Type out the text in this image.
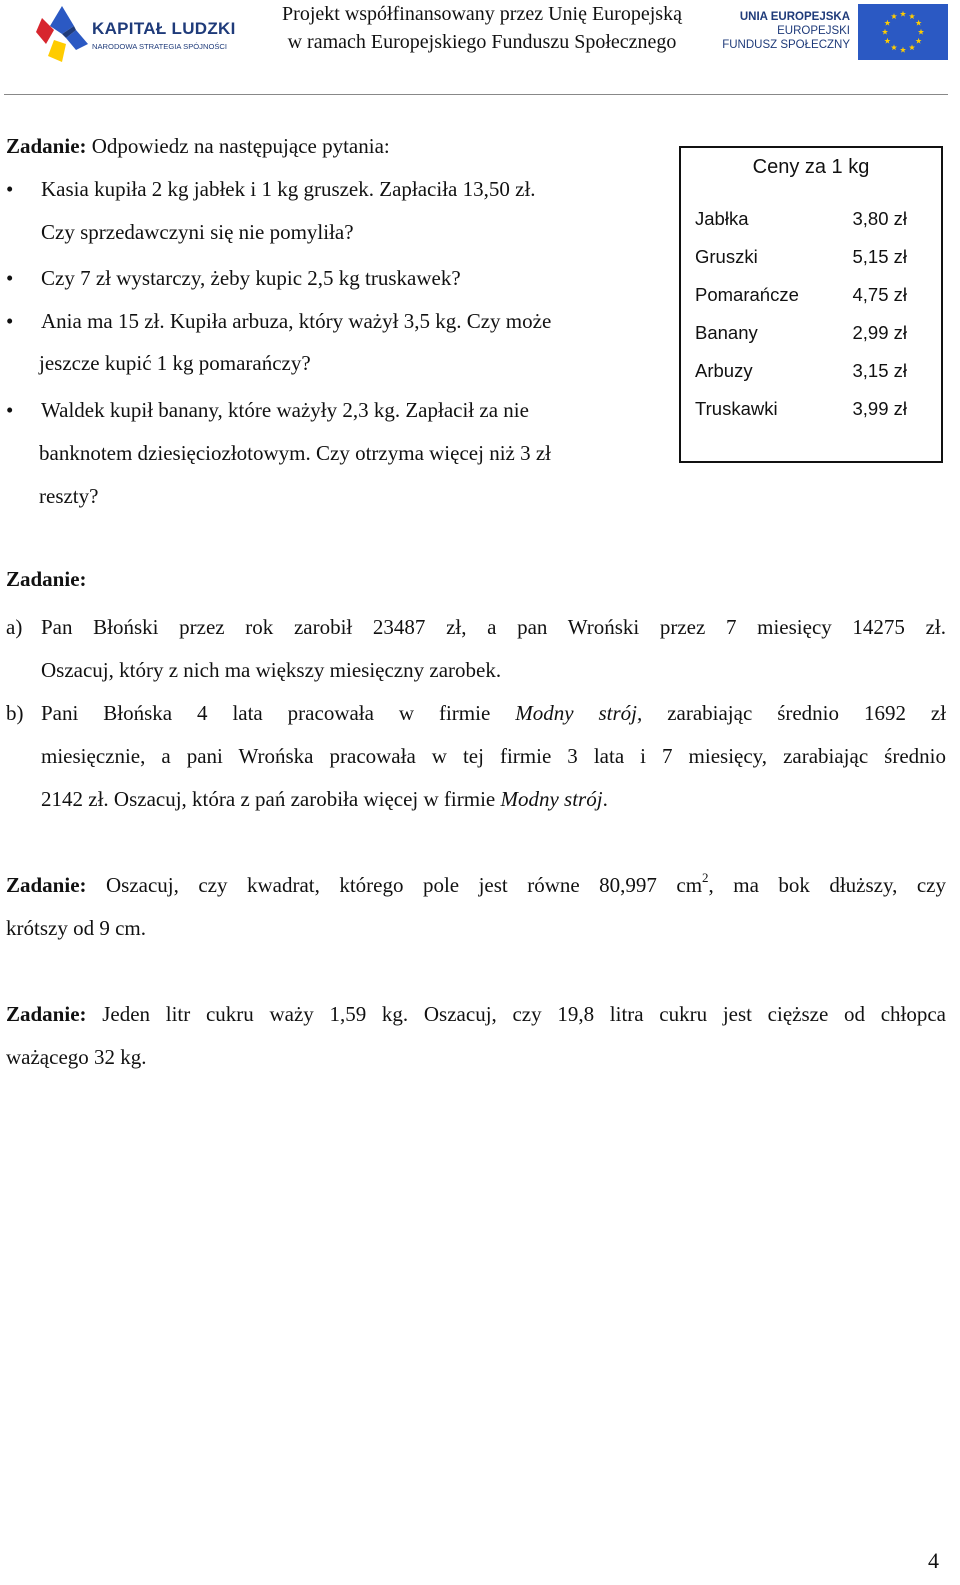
KAPITAŁ LUDZKI
NARODOWA STRATEGIA SPÓJNOŚCI
Projekt współfinansowany przez Unię Europejską
w ramach Europejskiego Funduszu Społecznego
UNIA EUROPEJSKA
EUROPEJSKI
FUNDUSZ SPOŁECZNY
Zadanie: Odpowiedz na następujące pytania:
• Kasia kupiła 2 kg jabłek i 1 kg gruszek. Zapłaciła 13,50 zł.
Czy sprzedawczyni się nie pomyliła?
• Czy 7 zł wystarczy, żeby kupic 2,5 kg truskawek?
• Ania ma 15 zł. Kupiła arbuza, który ważył 3,5 kg. Czy może
jeszcze kupić 1 kg pomarańczy?
• Waldek kupił banany, które ważyły 2,3 kg. Zapłacił za nie
banknotem dziesięciozłotowym. Czy otrzyma więcej niż 3 zł
reszty?
Ceny za 1 kg
Jabłka	3,80 zł
Gruszki	5,15 zł
Pomarańcze	4,75 zł
Banany	2,99 zł
Arbuzy	3,15 zł
Truskawki	3,99 zł
Zadanie:
a) Pan Błoński przez rok zarobił 23487 zł, a pan Wroński przez 7 miesięcy 14275 zł.
Oszacuj, który z nich ma większy miesięczny zarobek.
b) Pani Błońska 4 lata pracowała w firmie Modny strój, zarabiając średnio 1692 zł
miesięcznie, a pani Wrońska pracowała w tej firmie 3 lata i 7 miesięcy, zarabiając średnio
2142 zł. Oszacuj, która z pań zarobiła więcej w firmie Modny strój.
Zadanie: Oszacuj, czy kwadrat, którego pole jest równe 80,997 $cm^2$, ma bok dłuższy, czy
krótszy od 9 cm.
Zadanie: Jeden litr cukru waży 1,59 kg. Oszacuj, czy 19,8 litra cukru jest cięższe od chłopca
ważącego 32 kg.
4
